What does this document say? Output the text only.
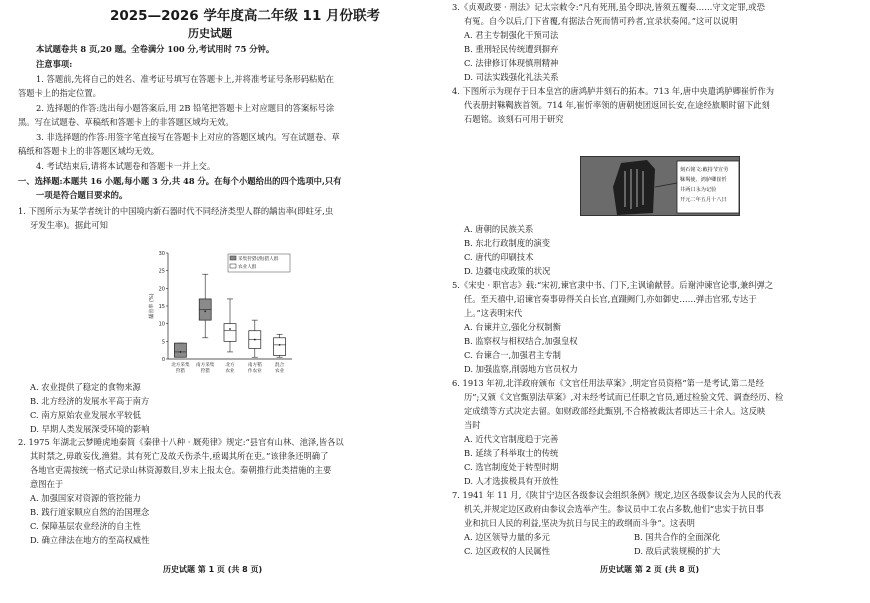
2025—2026 学年度高二年级 11 月份联考
历史试题
本试题卷共 8 页,20 题。全卷满分 100 分,考试用时 75 分钟。
注意事项:
1. 答题前,先将自己的姓名、准考证号填写在答题卡上,并将准考证号条形码粘贴在
答题卡上的指定位置。
2. 选择题的作答:选出每小题答案后,用 2B 铅笔把答题卡上对应题目的答案标号涂
黑。写在试题卷、草稿纸和答题卡上的非答题区域均无效。
3. 非选择题的作答:用签字笔直接写在答题卡上对应的答题区域内。写在试题卷、草
稿纸和答题卡上的非答题区域均无效。
4. 考试结束后,请将本试题卷和答题卡一并上交。
一、选择题:本题共 16 小题,每小题 3 分,共 48 分。在每个小题给出的四个选项中,只有
一项是符合题目要求的。
1. 下图所示为某学者统计的中国境内新石器时代不同经济类型人群的龋齿率(即蛀牙,虫
牙发生率)。据此可知
0
5
10
15
20
25
30
龋齿率 (%)
北方采集
狩猎
南方采集
狩猎
北方
农业
南方稻
作农业
混合
农业
采集狩猎(渔)猎人群
农业人群
A. 农业提供了稳定的食物来源
B. 北方经济的发展水平高于南方
C. 南方原始农业发展水平较低
D. 早期人类发展深受环境的影响
2. 1975 年湖北云梦睡虎地秦简《秦律十八种 · 厩苑律》规定:“县官有山林、池泽,皆各以
其时禁之,毋敢妄伐,渔猎。其有死亡及故夭伤杀牛,亟谒其所在吏。”该律条还明确了
各地官吏需按统一格式记录山林资源数目,岁末上报太仓。秦朝推行此类措施的主要
意图在于
A. 加强国家对资源的管控能力
B. 践行道家顺应自然的治国理念
C. 保障基层农业经济的自主性
D. 确立律法在地方的至高权威性
历史试题 第 1 页 (共 8 页)
3.《贞观政要 · 刑法》记太宗敕令:“凡有死刑,虽令即决,皆须五覆奏……守文定罪,或恐
有冤。自今以后,门下省覆,有据法合死而情可矜者,宜录状奏闻。”这可以说明
A. 君主专制强化干预司法
B. 重刑轻民传统遭到摒弃
C. 法律修订体现慎刑精神
D. 司法实践强化礼法关系
4. 下图所示为现存于日本皇宫的唐鸿胪井刻石的拓本。713 年,唐中央遣鸿胪卿崔忻作为
代表册封靺鞨族首领。714 年,崔忻率领的唐朝使团返回长安,在途经旅顺时留下此刻
石题铭。该刻石可用于研究
刻石铭文:敕持节宣劳
靺羯使、鸿胪卿崔忻
井两口永为记验
开元二年五月十八日
A. 唐朝的民族关系
B. 东北行政制度的演变
C. 唐代的印刷技术
D. 边疆屯戍政策的状况
5.《宋史 · 职官志》载:“宋初,谏官隶中书、门下,主讽谕献替。后谢沖谏官论事,兼纠弹之
任。至天禧中,诏谏官奏事毋得关白长官,直蹑阙门,亦如御史……弹击官邪,专达于
上。”这表明宋代
A. 台谏并立,强化分权制衡
B. 监察权与相权结合,加强皇权
C. 台谏合一,加强君主专制
D. 加强监察,削弱地方官员权力
6. 1913 年初,北洋政府颁布《文官任用法草案》,明定官员资格“第一是考试,第二是经
历”;又颁《文官甄别法草案》,对未经考试而已任职之官员,通过检验文凭、调查经历、检
定成绩等方式决定去留。如财政部经此甄别,不合格被裁汰者即达三十余人。这反映
当时
A. 近代文官制度趋于完善
B. 延续了科举取士的传统
C. 选官制度处于转型时期
D. 人才选拔极具有开放性
7. 1941 年 11 月,《陕甘宁边区各级参议会组织条例》规定,边区各级参议会为人民的代表
机关,并规定边区政府由参议会选举产生。参议员中工农占多数,他们“忠实于抗日事
业和抗日人民的利益,坚决为抗日与民主的政纲而斗争”。这表明
A. 边区领导力量的多元	B. 国共合作的全面深化
C. 边区政权的人民属性	D. 敌后武装规模的扩大
历史试题 第 2 页 (共 8 页)
